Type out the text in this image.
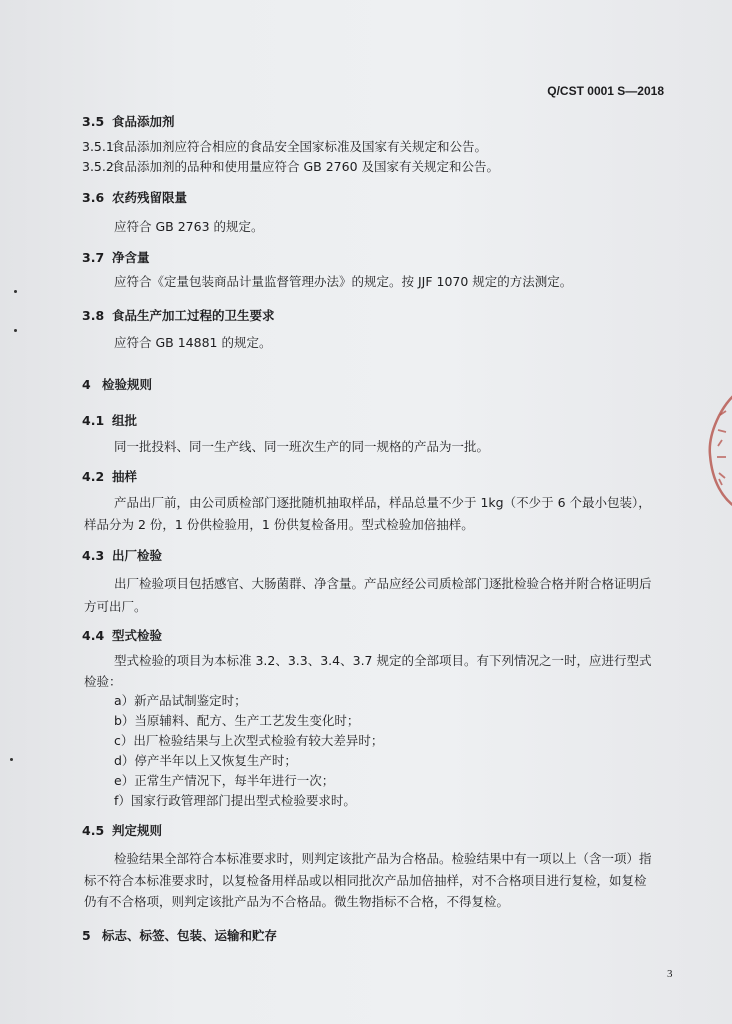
Q/CST 0001 S—2018
3.5 食品添加剂
3.5.1食品添加剂应符合相应的食品安全国家标准及国家有关规定和公告。
3.5.2食品添加剂的品种和使用量应符合 GB 2760 及国家有关规定和公告。
3.6 农药残留限量
应符合 GB 2763 的规定。
3.7 净含量
应符合《定量包装商品计量监督管理办法》的规定。按 JJF 1070 规定的方法测定。
3.8 食品生产加工过程的卫生要求
应符合 GB 14881 的规定。
4 检验规则
4.1 组批
同一批投料、同一生产线、同一班次生产的同一规格的产品为一批。
4.2 抽样
产品出厂前，由公司质检部门逐批随机抽取样品，样品总量不少于 1kg（不少于 6 个最小包装），
样品分为 2 份，1 份供检验用，1 份供复检备用。型式检验加倍抽样。
4.3 出厂检验
出厂检验项目包括感官、大肠菌群、净含量。产品应经公司质检部门逐批检验合格并附合格证明后
方可出厂。
4.4 型式检验
型式检验的项目为本标准 3.2、3.3、3.4、3.7 规定的全部项目。有下列情况之一时，应进行型式
检验：
a）新产品试制鉴定时；
b）当原辅料、配方、生产工艺发生变化时；
c）出厂检验结果与上次型式检验有较大差异时；
d）停产半年以上又恢复生产时；
e）正常生产情况下，每半年进行一次；
f）国家行政管理部门提出型式检验要求时。
4.5 判定规则
检验结果全部符合本标准要求时，则判定该批产品为合格品。检验结果中有一项以上（含一项）指
标不符合本标准要求时，以复检备用样品或以相同批次产品加倍抽样，对不合格项目进行复检，如复检
仍有不合格项，则判定该批产品为不合格品。微生物指标不合格，不得复检。
5 标志、标签、包装、运输和贮存
3
